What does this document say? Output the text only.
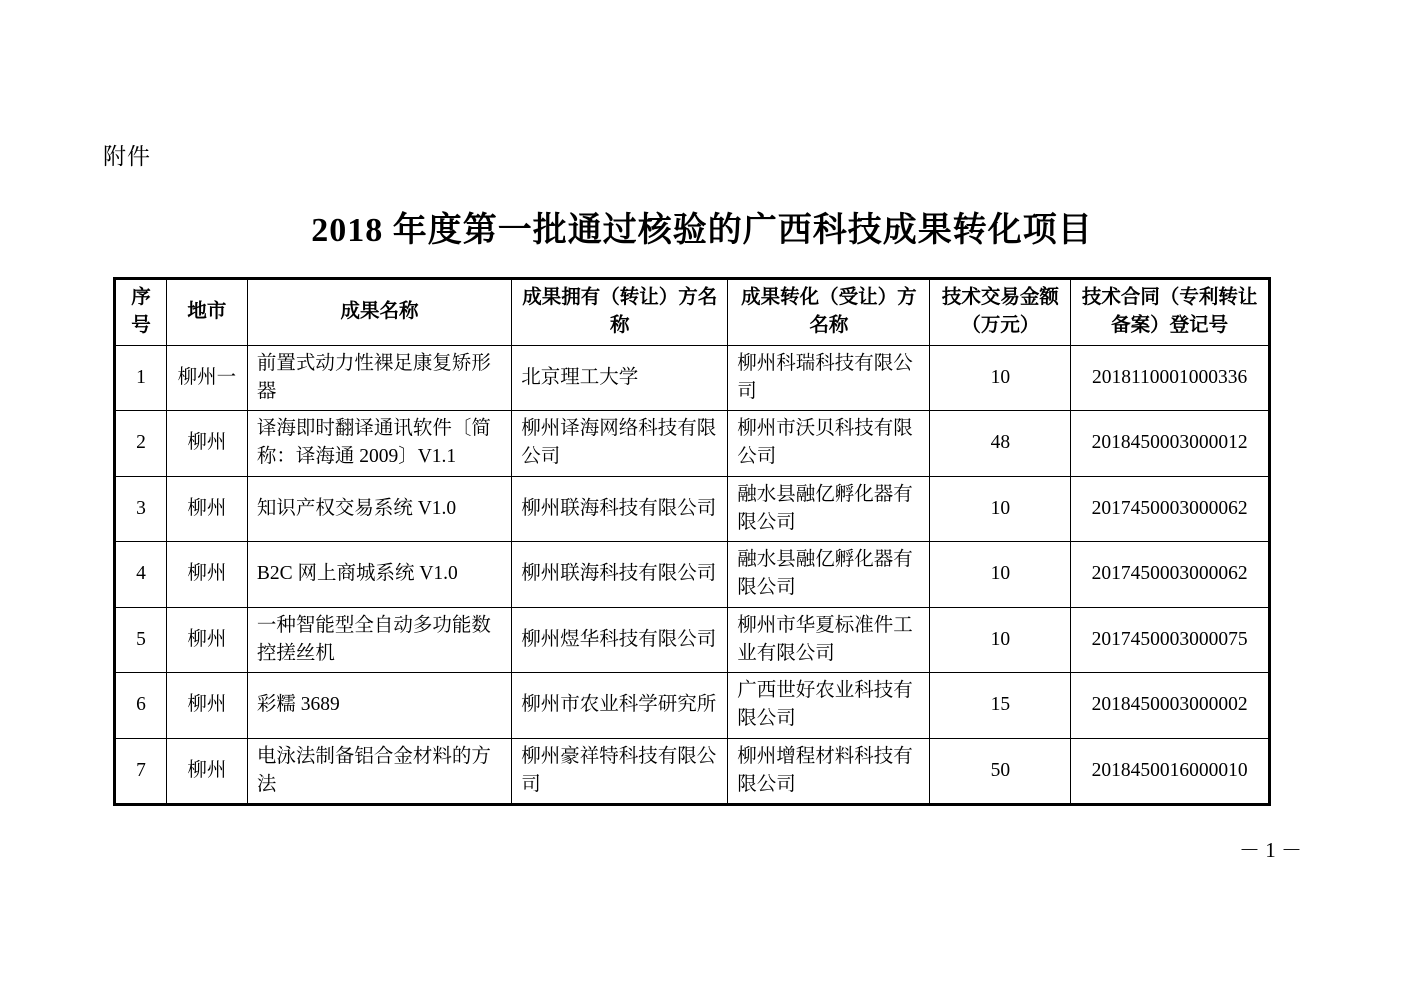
附件
2018 年度第一批通过核验的广西科技成果转化项目
序号	地市	成果名称	成果拥有（转让）方名称	成果转化（受让）方名称	技术交易金额（万元）	技术合同（专利转让备案）登记号
1	柳州一	前置式动力性裸足康复矫形器	北京理工大学	柳州科瑞科技有限公司	10	2018110001000336
2	柳州	译海即时翻译通讯软件〔简称：译海通 2009〕V1.1	柳州译海网络科技有限公司	柳州市沃贝科技有限公司	48	2018450003000012
3	柳州	知识产权交易系统 V1.0	柳州联海科技有限公司	融水县融亿孵化器有限公司	10	2017450003000062
4	柳州	B2C 网上商城系统 V1.0	柳州联海科技有限公司	融水县融亿孵化器有限公司	10	2017450003000062
5	柳州	一种智能型全自动多功能数控搓丝机	柳州煜华科技有限公司	柳州市华夏标准件工业有限公司	10	2017450003000075
6	柳州	彩糯 3689	柳州市农业科学研究所	广西世好农业科技有限公司	15	2018450003000002
7	柳州	电泳法制备铝合金材料的方法	柳州豪祥特科技有限公司	柳州增程材料科技有限公司	50	2018450016000010
－ 1 －
